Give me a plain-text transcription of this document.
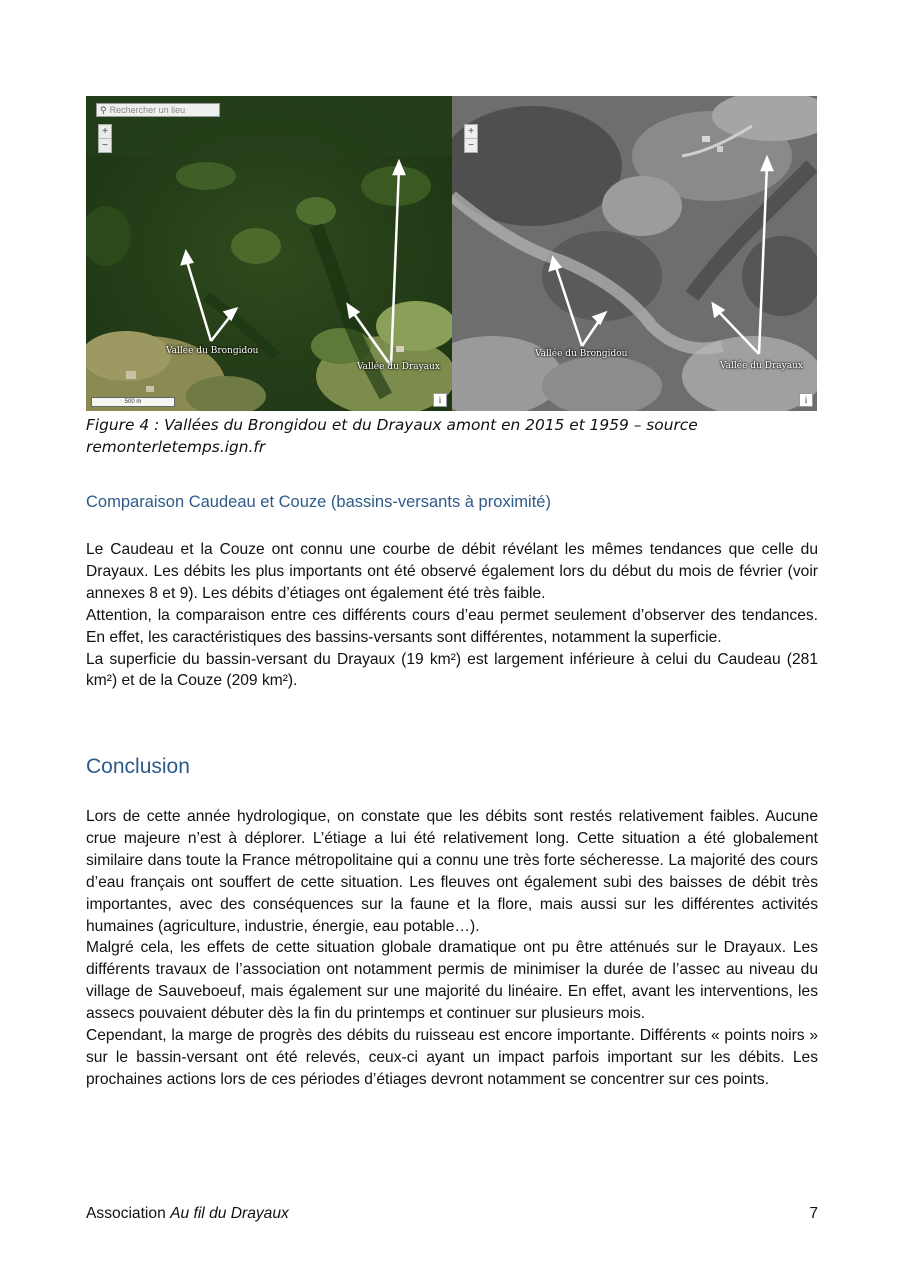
⚲ Rechercher un lieu
+
−
Vallée du Brongidou
Vallée du Drayaux
500 m	i
+
−
Vallée du Brongidou
Vallée du Drayaux
i
Figure 4 : Vallées du Brongidou et du Drayaux amont en 2015 et 1959 – source
remonterletemps.ign.fr
Comparaison Caudeau et Couze (bassins-versants à proximité)

Le Caudeau et la Couze ont connu une courbe de débit révélant les mêmes tendances que celle du Drayaux. Les débits les plus importants ont été observé également lors du début du mois de février (voir annexes 8 et 9). Les débits d’étiages ont également été très faible.

Attention, la comparaison entre ces différents cours d’eau permet seulement d’observer des tendances. En effet, les caractéristiques des bassins-versants sont différentes, notamment la superficie.

La superficie du bassin-versant du Drayaux (19 km²) est largement inférieure à celui du Caudeau (281 km²) et de la Couze (209 km²).

Conclusion

Lors de cette année hydrologique, on constate que les débits sont restés relativement faibles. Aucune crue majeure n’est à déplorer. L’étiage a lui été relativement long. Cette situation a été globalement similaire dans toute la France métropolitaine qui a connu une très forte sécheresse. La majorité des cours d’eau français ont souffert de cette situation. Les fleuves ont également subi des baisses de débit très importantes, avec des conséquences sur la faune et la flore, mais aussi sur les différentes activités humaines (agriculture, industrie, énergie, eau potable…).

Malgré cela, les effets de cette situation globale dramatique ont pu être atténués sur le Drayaux. Les différents travaux de l’association ont notamment permis de minimiser la durée de l’assec au niveau du village de Sauveboeuf, mais également sur une majorité du linéaire. En effet, avant les interventions, les assecs pouvaient débuter dès la fin du printemps et continuer sur plusieurs mois.

Cependant, la marge de progrès des débits du ruisseau est encore importante. Différents « points noirs » sur le bassin-versant ont été relevés, ceux-ci ayant un impact parfois important sur les débits. Les prochaines actions lors de ces périodes d’étiages devront notamment se concentrer sur ces points.

Association Au fil du Drayaux	7
